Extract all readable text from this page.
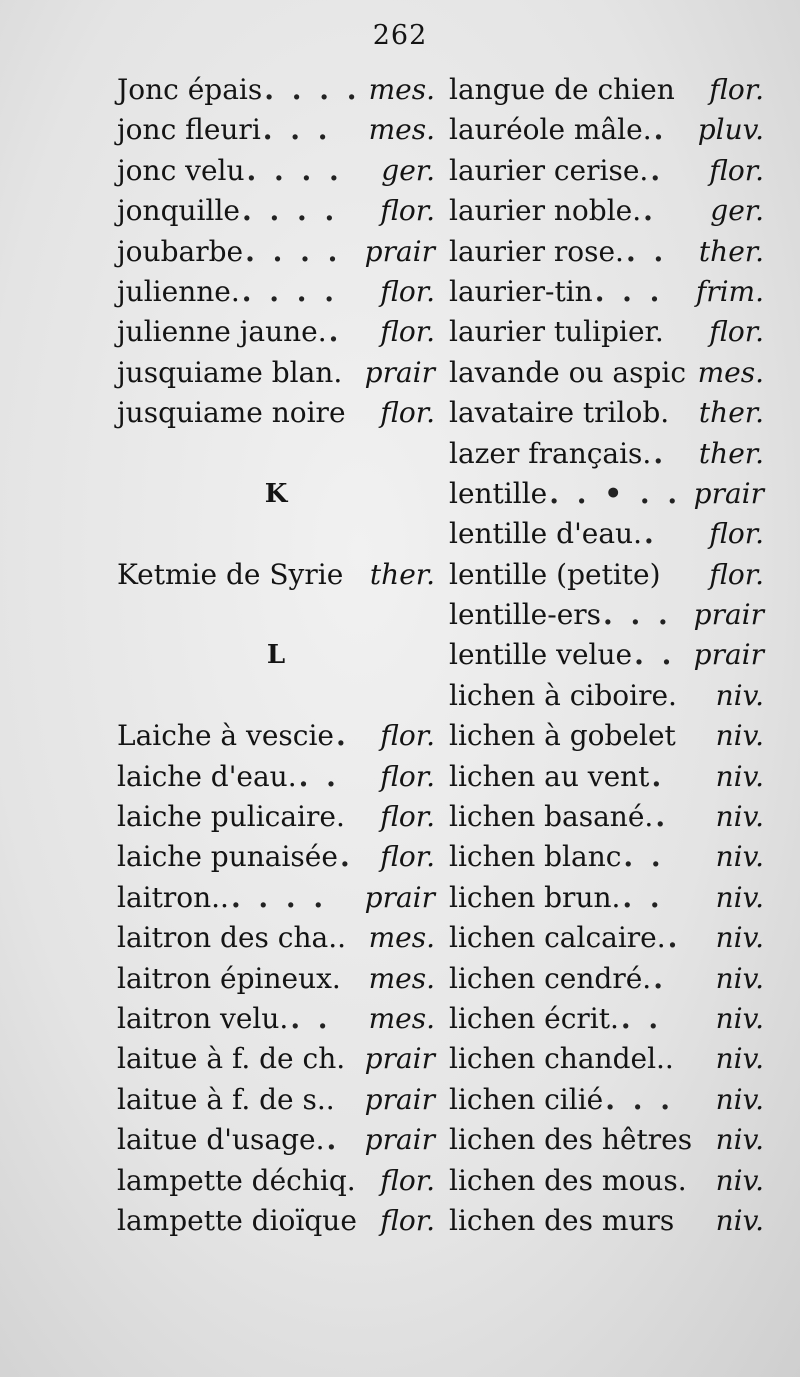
262
Jonc épais . . . . mes.
jonc fleuri . . .	mes.
jonc velu . . . .	ger.
jonquille . . . .	flor.
joubarbe . . . . prair
julienne. . . . .	flor.
julienne jaune. .	flor.
jusquiame blan. prair
jusquiame noire flor.
K
Ketmie de Syrie ther.
L
Laiche à vescie .	flor.
laiche d'eau. . .	flor.
laiche pulicaire. flor.
laiche punaisée . flor.
laitron.. . . . .	prair
laitron des cha.. mes.
laitron épineux. mes.
laitron velu. . .	mes.
laitue à f. de ch. prair
laitue à f. de s.. prair
laitue d'usage. . prair
lampette déchiq. flor.
lampette dioïque flor.
langue de chien flor.
lauréole mâle. .	pluv.
laurier cerise. .	flor.
laurier noble. .	ger.
laurier rose. . .	ther.
laurier-tin . . .	frim.
laurier tulipier. flor.
lavande ou aspic mes.
lavataire trilob. ther.
lazer français. .	ther.
lentille . . • . . prair
lentille d'eau. .	flor.
lentille (petite) flor.
lentille-ers . . . prair
lentille velue . . prair
lichen à ciboire. niv.
lichen à gobelet niv.
lichen au vent .	niv.
lichen basané. .	niv.
lichen blanc . .	niv.
lichen brun. . .	niv.
lichen calcaire. .	niv.
lichen cendré. .	niv.
lichen écrit. . .	niv.
lichen chandel.. niv.
lichen cilié . . .	niv.
lichen des hêtres niv.
lichen des mous. niv.
lichen des murs niv.
